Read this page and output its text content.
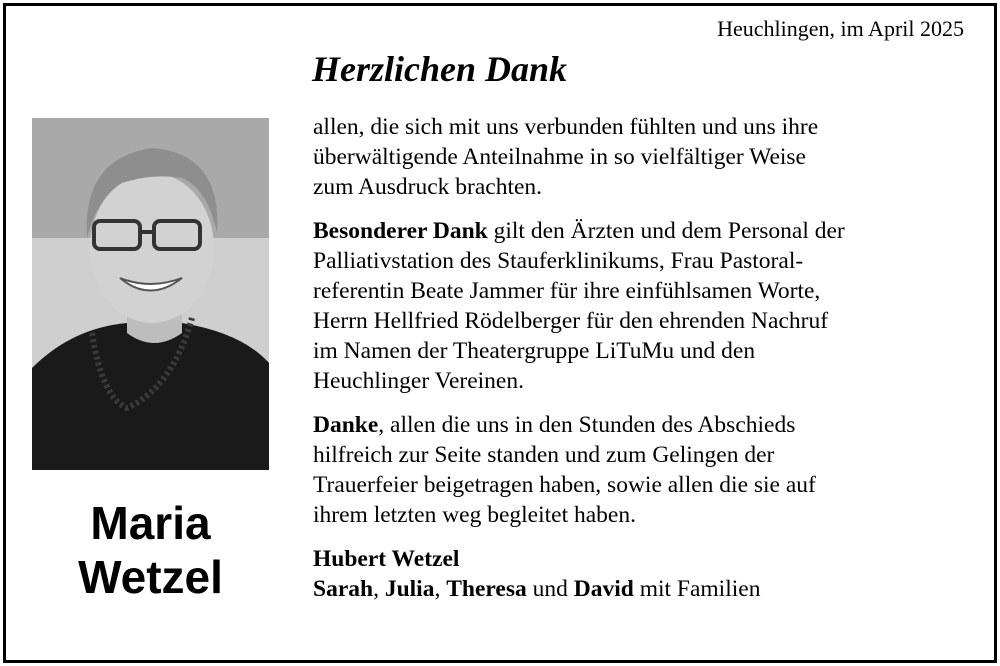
Heuchlingen, im April 2025
Herzlichen Dank
Maria
Wetzel

allen, die sich mit uns verbunden fühlten und uns ihre
überwältigende Anteilnahme in so vielfältiger Weise
zum Ausdruck brachten.

Besonderer Dank gilt den Ärzten und dem Personal der
Palliativstation des Stauferklinikums, Frau Pastoral-
referentin Beate Jammer für ihre einfühlsamen Worte,
Herrn Hellfried Rödelberger für den ehrenden Nachruf
im Namen der Theatergruppe LiTuMu und den
Heuchlinger Vereinen.

Danke, allen die uns in den Stunden des Abschieds
hilfreich zur Seite standen und zum Gelingen der
Trauerfeier beigetragen haben, sowie allen die sie auf
ihrem letzten weg begleitet haben.

Hubert Wetzel
Sarah, Julia, Theresa und David mit Familien
